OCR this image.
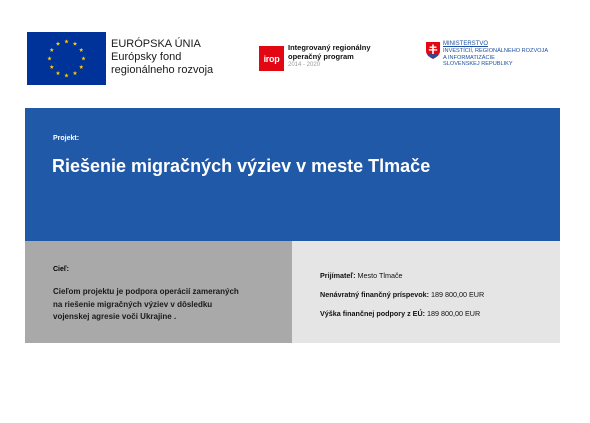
EURÓPSKA ÚNIA
Európsky fond
regionálneho rozvoja
irop
Integrovaný regionálny
operačný program
2014 - 2020
MINISTERSTVO
INVESTÍCIÍ, REGIONÁLNEHO ROZVOJA
A INFORMATIZÁCIE
SLOVENSKEJ REPUBLIKY
Projekt:
Riešenie migračných výziev v meste Tlmače
Cieľ:
Cieľom projektu je podpora operácií zameraných
na riešenie migračných výziev v dôsledku
vojenskej agresie voči Ukrajine .
Prijímateľ: Mesto Tlmače
Nenávratný finančný príspevok: 189 800,00 EUR
Výška finančnej podpory z EÚ: 189 800,00 EUR
